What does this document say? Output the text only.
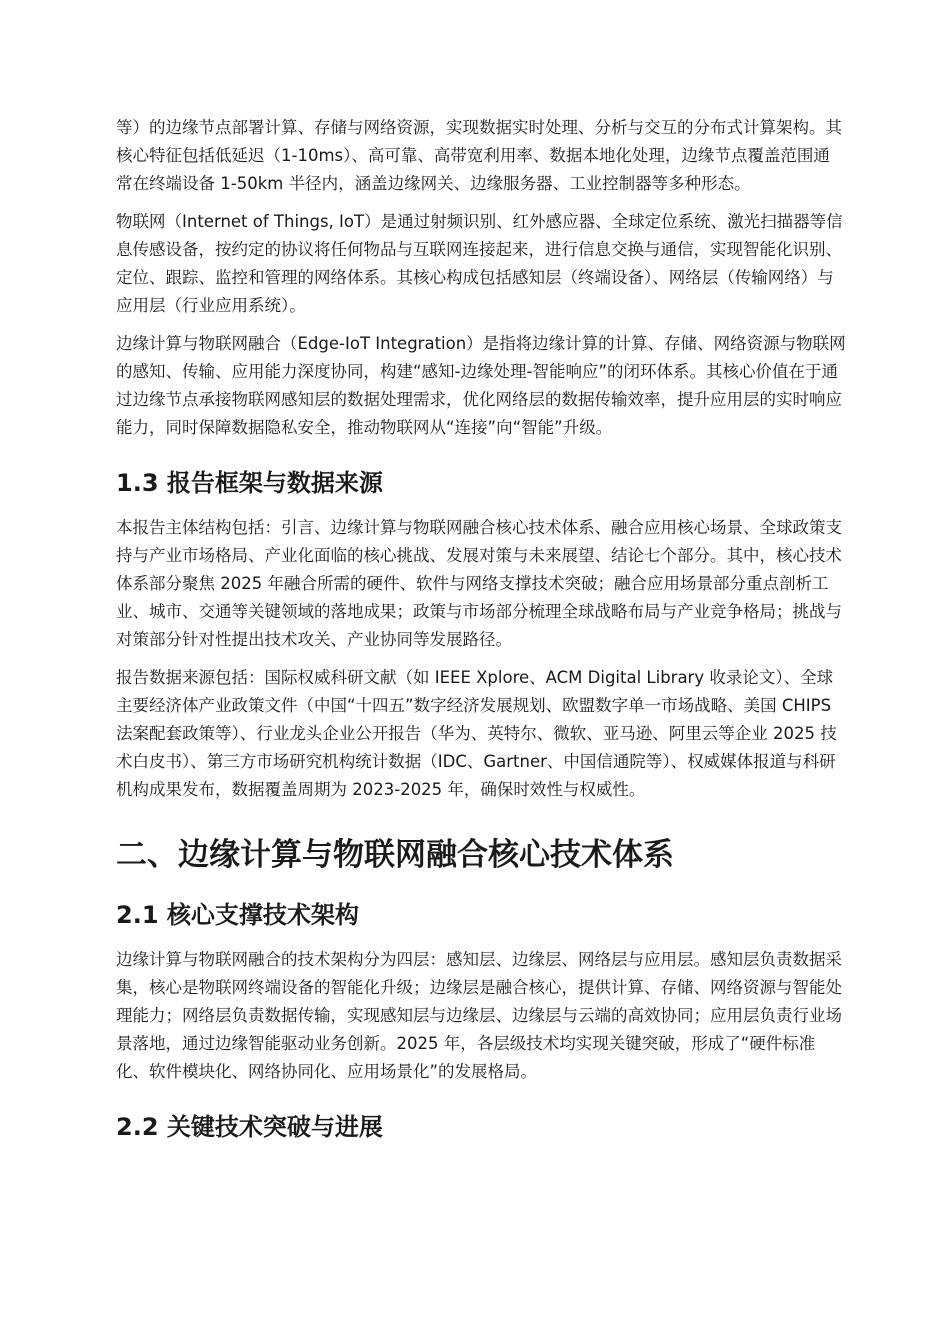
等）的边缘节点部署计算、存储与网络资源，实现数据实时处理、分析与交互的分布式计算架构。其核心特征包括低延迟（1-10ms）、高可靠、高带宽利用率、数据本地化处理，边缘节点覆盖范围通常在终端设备 1-50km 半径内，涵盖边缘网关、边缘服务器、工业控制器等多种形态。

物联网（Internet of Things, IoT）是通过射频识别、红外感应器、全球定位系统、激光扫描器等信息传感设备，按约定的协议将任何物品与互联网连接起来，进行信息交换与通信，实现智能化识别、定位、跟踪、监控和管理的网络体系。其核心构成包括感知层（终端设备）、网络层（传输网络）与应用层（行业应用系统）。

边缘计算与物联网融合（Edge-IoT Integration）是指将边缘计算的计算、存储、网络资源与物联网的感知、传输、应用能力深度协同，构建“感知-边缘处理-智能响应”的闭环体系。其核心价值在于通过边缘节点承接物联网感知层的数据处理需求，优化网络层的数据传输效率，提升应用层的实时响应能力，同时保障数据隐私安全，推动物联网从“连接”向“智能”升级。

1.3 报告框架与数据来源

本报告主体结构包括：引言、边缘计算与物联网融合核心技术体系、融合应用核心场景、全球政策支持与产业市场格局、产业化面临的核心挑战、发展对策与未来展望、结论七个部分。其中，核心技术体系部分聚焦 2025 年融合所需的硬件、软件与网络支撑技术突破；融合应用场景部分重点剖析工业、城市、交通等关键领域的落地成果；政策与市场部分梳理全球战略布局与产业竞争格局；挑战与对策部分针对性提出技术攻关、产业协同等发展路径。

报告数据来源包括：国际权威科研文献（如 IEEE Xplore、ACM Digital Library 收录论文）、全球主要经济体产业政策文件（中国“十四五”数字经济发展规划、欧盟数字单一市场战略、美国 CHIPS 法案配套政策等）、行业龙头企业公开报告（华为、英特尔、微软、亚马逊、阿里云等企业 2025 技术白皮书）、第三方市场研究机构统计数据（IDC、Gartner、中国信通院等）、权威媒体报道与科研机构成果发布，数据覆盖周期为 2023-2025 年，确保时效性与权威性。

二、边缘计算与物联网融合核心技术体系
2.1 核心支撑技术架构

边缘计算与物联网融合的技术架构分为四层：感知层、边缘层、网络层与应用层。感知层负责数据采集，核心是物联网终端设备的智能化升级；边缘层是融合核心，提供计算、存储、网络资源与智能处理能力；网络层负责数据传输，实现感知层与边缘层、边缘层与云端的高效协同；应用层负责行业场景落地，通过边缘智能驱动业务创新。2025 年，各层级技术均实现关键突破，形成了“硬件标准化、软件模块化、网络协同化、应用场景化”的发展格局。

2.2 关键技术突破与进展
